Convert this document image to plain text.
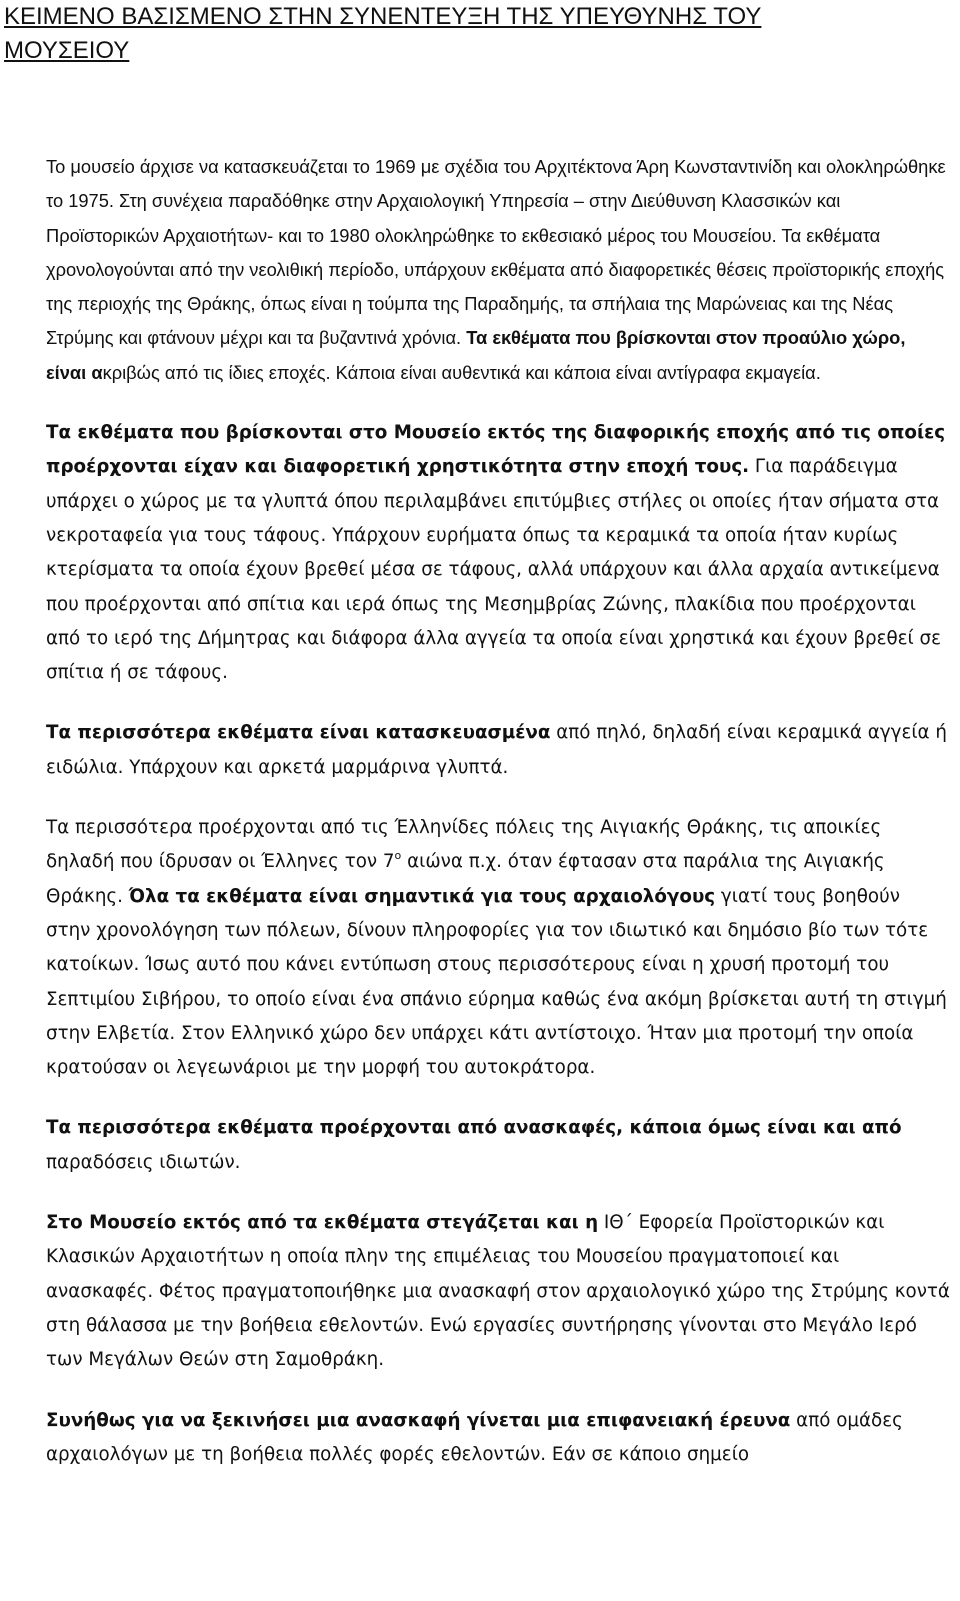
ΚΕΙΜΕΝΟ ΒΑΣΙΣΜΕΝΟ ΣΤΗΝ ΣΥΝΕΝΤΕΥΞΗ ΤΗΣ ΥΠΕΥΘΥΝΗΣ ΤΟΥ
ΜΟΥΣΕΙΟΥ

Το μουσείο άρχισε να κατασκευάζεται το 1969 με σχέδια του Αρχιτέκτονα Άρη Κωνσταντινίδη και ολοκληρώθηκε το 1975. Στη συνέχεια παραδόθηκε στην Αρχαιολογική Υπηρεσία – στην Διεύθυνση Κλασσικών και Προϊστορικών Αρχαιοτήτων- και το 1980 ολοκληρώθηκε το εκθεσιακό μέρος του Μουσείου. Τα εκθέματα χρονολογούνται από την νεολιθική περίοδο, υπάρχουν εκθέματα από διαφορετικές θέσεις προϊστορικής εποχής της περιοχής της Θράκης, όπως είναι η τούμπα της Παραδημής, τα σπήλαια της Μαρώνειας και της Νέας Στρύμης και φτάνουν μέχρι και τα βυζαντινά χρόνια. Τα εκθέματα που βρίσκονται στον προαύλιο χώρο, είναι ακριβώς από τις ίδιες εποχές. Κάποια είναι αυθεντικά και κάποια είναι αντίγραφα εκμαγεία.

Τα εκθέματα που βρίσκονται στο Μουσείο εκτός της διαφορικής εποχής από τις οποίες προέρχονται είχαν και διαφορετική χρηστικότητα στην εποχή τους. Για παράδειγμα υπάρχει ο χώρος με τα γλυπτά όπου περιλαμβάνει επιτύμβιες στήλες οι οποίες ήταν σήματα στα νεκροταφεία για τους τάφους. Υπάρχουν ευρήματα όπως τα κεραμικά τα οποία ήταν κυρίως κτερίσματα τα οποία έχουν βρεθεί μέσα σε τάφους, αλλά υπάρχουν και άλλα αρχαία αντικείμενα που προέρχονται από σπίτια και ιερά όπως της Μεσημβρίας Ζώνης, πλακίδια που προέρχονται από το ιερό της Δήμητρας και διάφορα άλλα αγγεία τα οποία είναι χρηστικά και έχουν βρεθεί σε σπίτια ή σε τάφους.

Τα περισσότερα εκθέματα είναι κατασκευασμένα από πηλό, δηλαδή είναι κεραμικά αγγεία ή ειδώλια. Υπάρχουν και αρκετά μαρμάρινα γλυπτά.

Τα περισσότερα προέρχονται από τις Έλληνίδες πόλεις της Αιγιακής Θράκης, τις αποικίες δηλαδή που ίδρυσαν οι Έλληνες τον $7^o$ αιώνα π.χ. όταν έφτασαν στα παράλια της Αιγιακής Θράκης. Όλα τα εκθέματα είναι σημαντικά για τους αρχαιολόγους γιατί τους βοηθούν στην χρονολόγηση των πόλεων, δίνουν πληροφορίες για τον ιδιωτικό και δημόσιο βίο των τότε κατοίκων. Ίσως αυτό που κάνει εντύπωση στους περισσότερους είναι η χρυσή προτομή του Σεπτιμίου Σιβήρου, το οποίο είναι ένα σπάνιο εύρημα καθώς ένα ακόμη βρίσκεται αυτή τη στιγμή στην Ελβετία. Στον Ελληνικό χώρο δεν υπάρχει κάτι αντίστοιχο. Ήταν μια προτομή την οποία κρατούσαν οι λεγεωνάριοι με την μορφή του αυτοκράτορα.

Τα περισσότερα εκθέματα προέρχονται από ανασκαφές, κάποια όμως είναι και από παραδόσεις ιδιωτών.

Στο Μουσείο εκτός από τα εκθέματα στεγάζεται και η ΙΘ΄ Εφορεία Προϊστορικών και Κλασικών Αρχαιοτήτων η οποία πλην της επιμέλειας του Μουσείου πραγματοποιεί και ανασκαφές. Φέτος πραγματοποιήθηκε μια ανασκαφή στον αρχαιολογικό χώρο της Στρύμης κοντά στη θάλασσα με την βοήθεια εθελοντών. Ενώ εργασίες συντήρησης γίνονται στο Μεγάλο Ιερό των Μεγάλων Θεών στη Σαμοθράκη.

Συνήθως για να ξεκινήσει μια ανασκαφή γίνεται μια επιφανειακή έρευνα από ομάδες αρχαιολόγων με τη βοήθεια πολλές φορές εθελοντών. Εάν σε κάποιο σημείο
